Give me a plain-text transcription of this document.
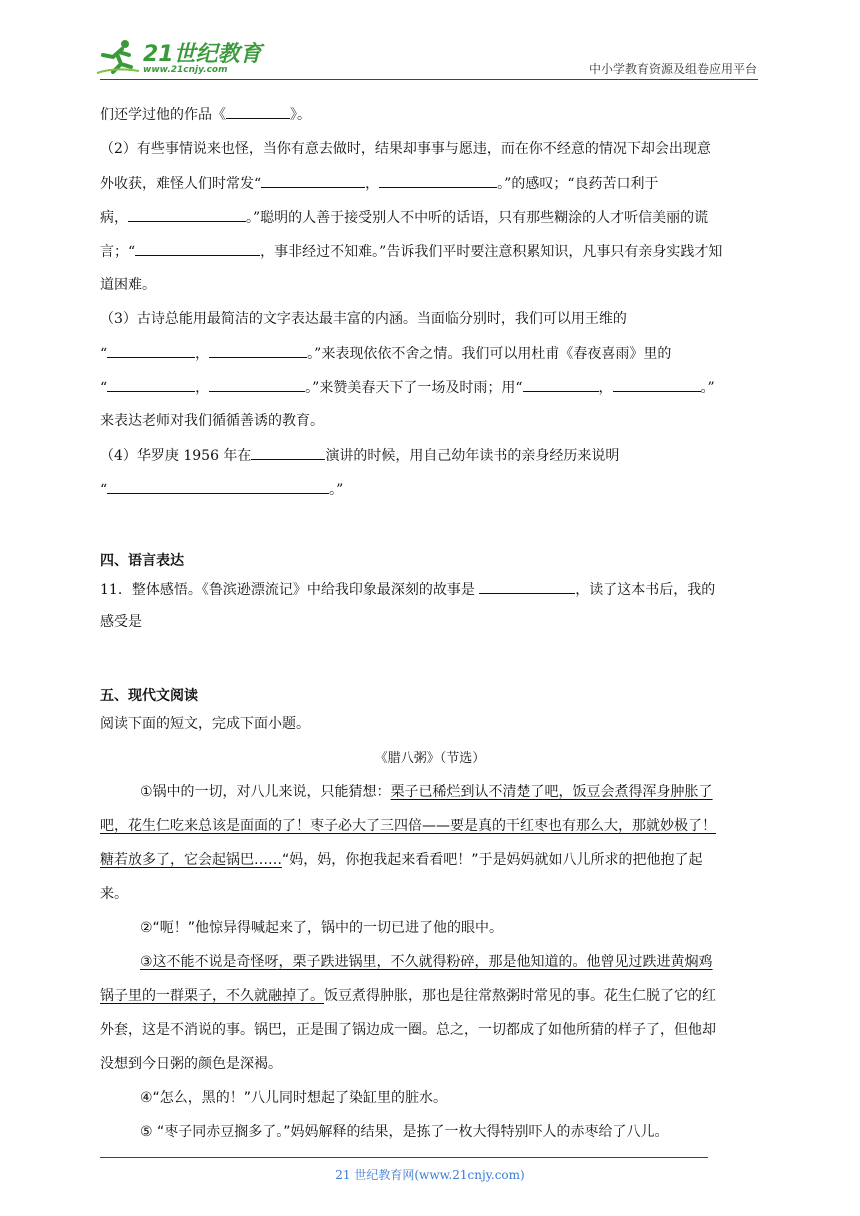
21世纪教育
www.21cnjy.com	中小学教育资源及组卷应用平台
们还学过他的作品《	》。
（2）有些事情说来也怪，当你有意去做时，结果却事事与愿违，而在你不经意的情况下却会出现意
外收获，难怪人们时常发“	，	。”的感叹；“良药苦口利于
病，	。”聪明的人善于接受别人不中听的话语，只有那些糊涂的人才听信美丽的谎
言；“	，事非经过不知难。”告诉我们平时要注意积累知识，凡事只有亲身实践才知
道困难。
（3）古诗总能用最简洁的文字表达最丰富的内涵。当面临分别时，我们可以用王维的
“	，	。”来表现依依不舍之情。我们可以用杜甫《春夜喜雨》里的
“	，	。”来赞美春天下了一场及时雨；用“	，	。”
来表达老师对我们循循善诱的教育。
（4）华罗庚 1956 年在	演讲的时候，用自己幼年读书的亲身经历来说明
“	。”
四、语言表达
11．整体感悟。《鲁滨逊漂流记》中给我印象最深刻的故事是	，读了这本书后，我的
感受是
五、现代文阅读
阅读下面的短文，完成下面小题。
《腊八粥》（节选）
①锅中的一切，对八儿来说，只能猜想：栗子已稀烂到认不清楚了吧，饭豆会煮得浑身肿胀了
吧，花生仁吃来总该是面面的了！枣子必大了三四倍——要是真的干红枣也有那么大，那就妙极了！
糖若放多了，它会起锅巴……“妈，妈，你抱我起来看看吧！”于是妈妈就如八儿所求的把他抱了起
来。
②“呃！”他惊异得喊起来了，锅中的一切已进了他的眼中。
③这不能不说是奇怪呀，栗子跌进锅里，不久就得粉碎，那是他知道的。他曾见过跌进黄焖鸡
锅子里的一群栗子，不久就融掉了。饭豆煮得肿胀，那也是往常熬粥时常见的事。花生仁脱了它的红
外套，这是不消说的事。锅巴，正是围了锅边成一圈。总之，一切都成了如他所猜的样子了，但他却
没想到今日粥的颜色是深褐。
④“怎么，黑的！”八儿同时想起了染缸里的脏水。
⑤ “枣子同赤豆搁多了。”妈妈解释的结果，是拣了一枚大得特别吓人的赤枣给了八儿。
21 世纪教育网(www.21cnjy.com)
